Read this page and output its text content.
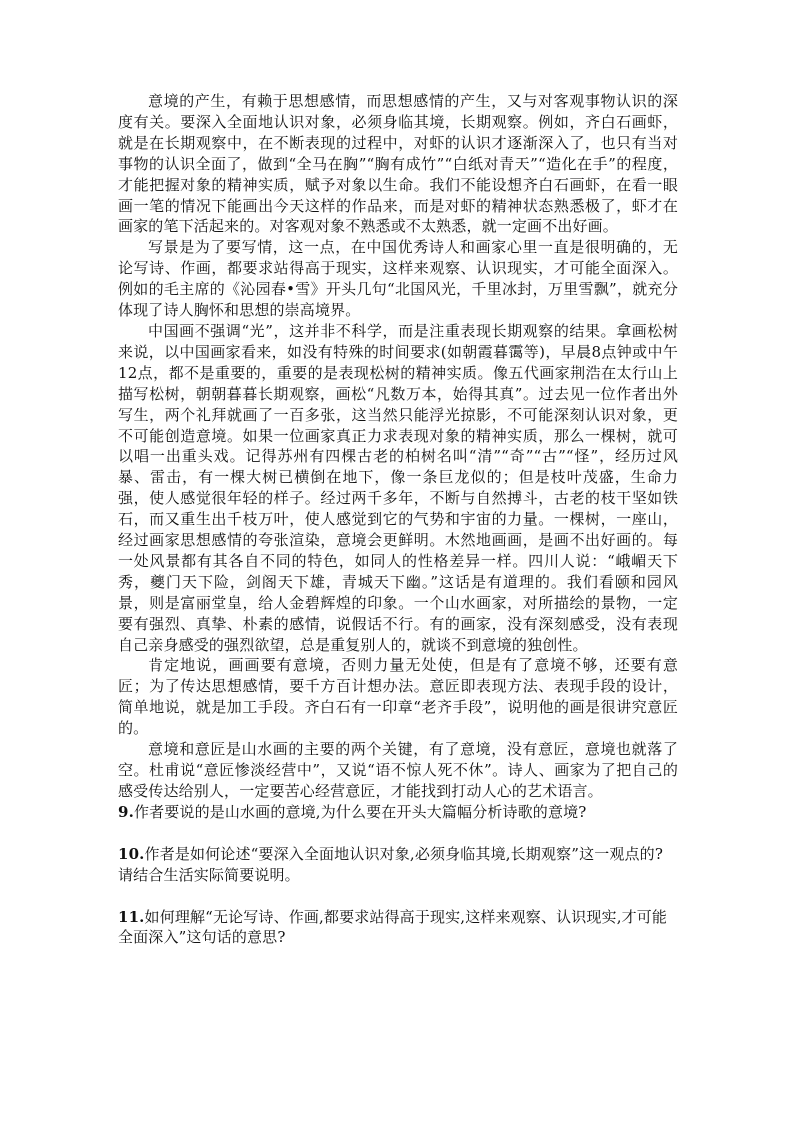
意境的产生，有赖于思想感情，而思想感情的产生，又与对客观事物认识的深度有关。要深入全面地认识对象，必须身临其境，长期观察。例如，齐白石画虾，就是在长期观察中，在不断表现的过程中，对虾的认识才逐渐深入了，也只有当对事物的认识全面了，做到“全马在胸”“胸有成竹”“白纸对青天”“造化在手”的程度，才能把握对象的精神实质，赋予对象以生命。我们不能设想齐白石画虾，在看一眼画一笔的情况下能画出今天这样的作品来，而是对虾的精神状态熟悉极了，虾才在画家的笔下活起来的。对客观对象不熟悉或不太熟悉，就一定画不出好画。

写景是为了要写情，这一点，在中国优秀诗人和画家心里一直是很明确的，无论写诗、作画，都要求站得高于现实，这样来观察、认识现实，才可能全面深入。例如的毛主席的《沁园春•雪》开头几句“北国风光，千里冰封，万里雪飘”，就充分体现了诗人胸怀和思想的崇高境界。

中国画不强调“光”，这并非不科学，而是注重表现长期观察的结果。拿画松树来说，以中国画家看来，如没有特殊的时间要求(如朝霞暮霭等)，早晨8点钟或中午12点，都不是重要的，重要的是表现松树的精神实质。像五代画家荆浩在太行山上描写松树，朝朝暮暮长期观察，画松“凡数万本，始得其真”。过去见一位作者出外写生，两个礼拜就画了一百多张，这当然只能浮光掠影，不可能深刻认识对象，更不可能创造意境。如果一位画家真正力求表现对象的精神实质，那么一棵树，就可以唱一出重头戏。记得苏州有四棵古老的柏树名叫“清”“奇”“古”“怪”，经历过风暴、雷击，有一棵大树已横倒在地下，像一条巨龙似的；但是枝叶茂盛，生命力强，使人感觉很年轻的样子。经过两千多年，不断与自然搏斗，古老的枝干坚如铁石，而又重生出千枝万叶，使人感觉到它的气势和宇宙的力量。一棵树，一座山，经过画家思想感情的夸张渲染，意境会更鲜明。木然地画画，是画不出好画的。每一处风景都有其各自不同的特色，如同人的性格差异一样。四川人说：“峨嵋天下秀，夔门天下险，剑阁天下雄，青城天下幽。”这话是有道理的。我们看颐和园风景，则是富丽堂皇，给人金碧辉煌的印象。一个山水画家，对所描绘的景物，一定要有强烈、真挚、朴素的感情，说假话不行。有的画家，没有深刻感受，没有表现自己亲身感受的强烈欲望，总是重复别人的，就谈不到意境的独创性。

肯定地说，画画要有意境，否则力量无处使，但是有了意境不够，还要有意匠；为了传达思想感情，要千方百计想办法。意匠即表现方法、表现手段的设计，简单地说，就是加工手段。齐白石有一印章“老齐手段”，说明他的画是很讲究意匠的。

意境和意匠是山水画的主要的两个关键，有了意境，没有意匠，意境也就落了空。杜甫说“意匠惨淡经营中”，又说“语不惊人死不休”。诗人、画家为了把自己的感受传达给别人，一定要苦心经营意匠，才能找到打动人心的艺术语言。

9.作者要说的是山水画的意境,为什么要在开头大篇幅分析诗歌的意境?

10.作者是如何论述“要深入全面地认识对象,必须身临其境,长期观察”这一观点的?请结合生活实际简要说明。

11.如何理解“无论写诗、作画,都要求站得高于现实,这样来观察、认识现实,才可能全面深入”这句话的意思?
